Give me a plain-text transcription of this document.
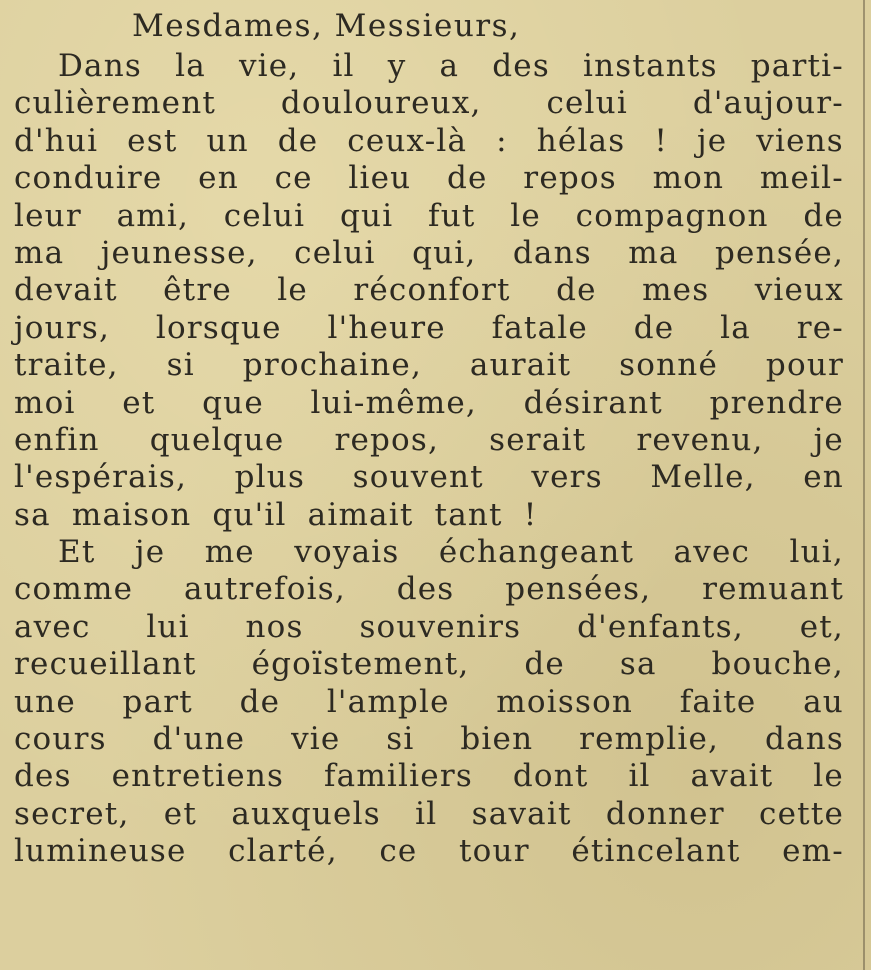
Mesdames, Messieurs,
Dans la vie, il y a des instants parti-
culièrement douloureux, celui d'aujour-
d'hui est un de ceux-là : hélas ! je viens
conduire en ce lieu de repos mon meil-
leur ami, celui qui fut le compagnon de
ma jeunesse, celui qui, dans ma pensée,
devait être le réconfort de mes vieux
jours, lorsque l'heure fatale de la re-
traite, si prochaine, aurait sonné pour
moi et que lui-même, désirant prendre
enfin quelque repos, serait revenu, je
l'espérais, plus souvent vers Melle, en
sa maison qu'il aimait tant !
Et je me voyais échangeant avec lui,
comme autrefois, des pensées, remuant
avec lui nos souvenirs d'enfants, et,
recueillant égoïstement, de sa bouche,
une part de l'ample moisson faite au
cours d'une vie si bien remplie, dans
des entretiens familiers dont il avait le
secret, et auxquels il savait donner cette
lumineuse clarté, ce tour étincelant em-
